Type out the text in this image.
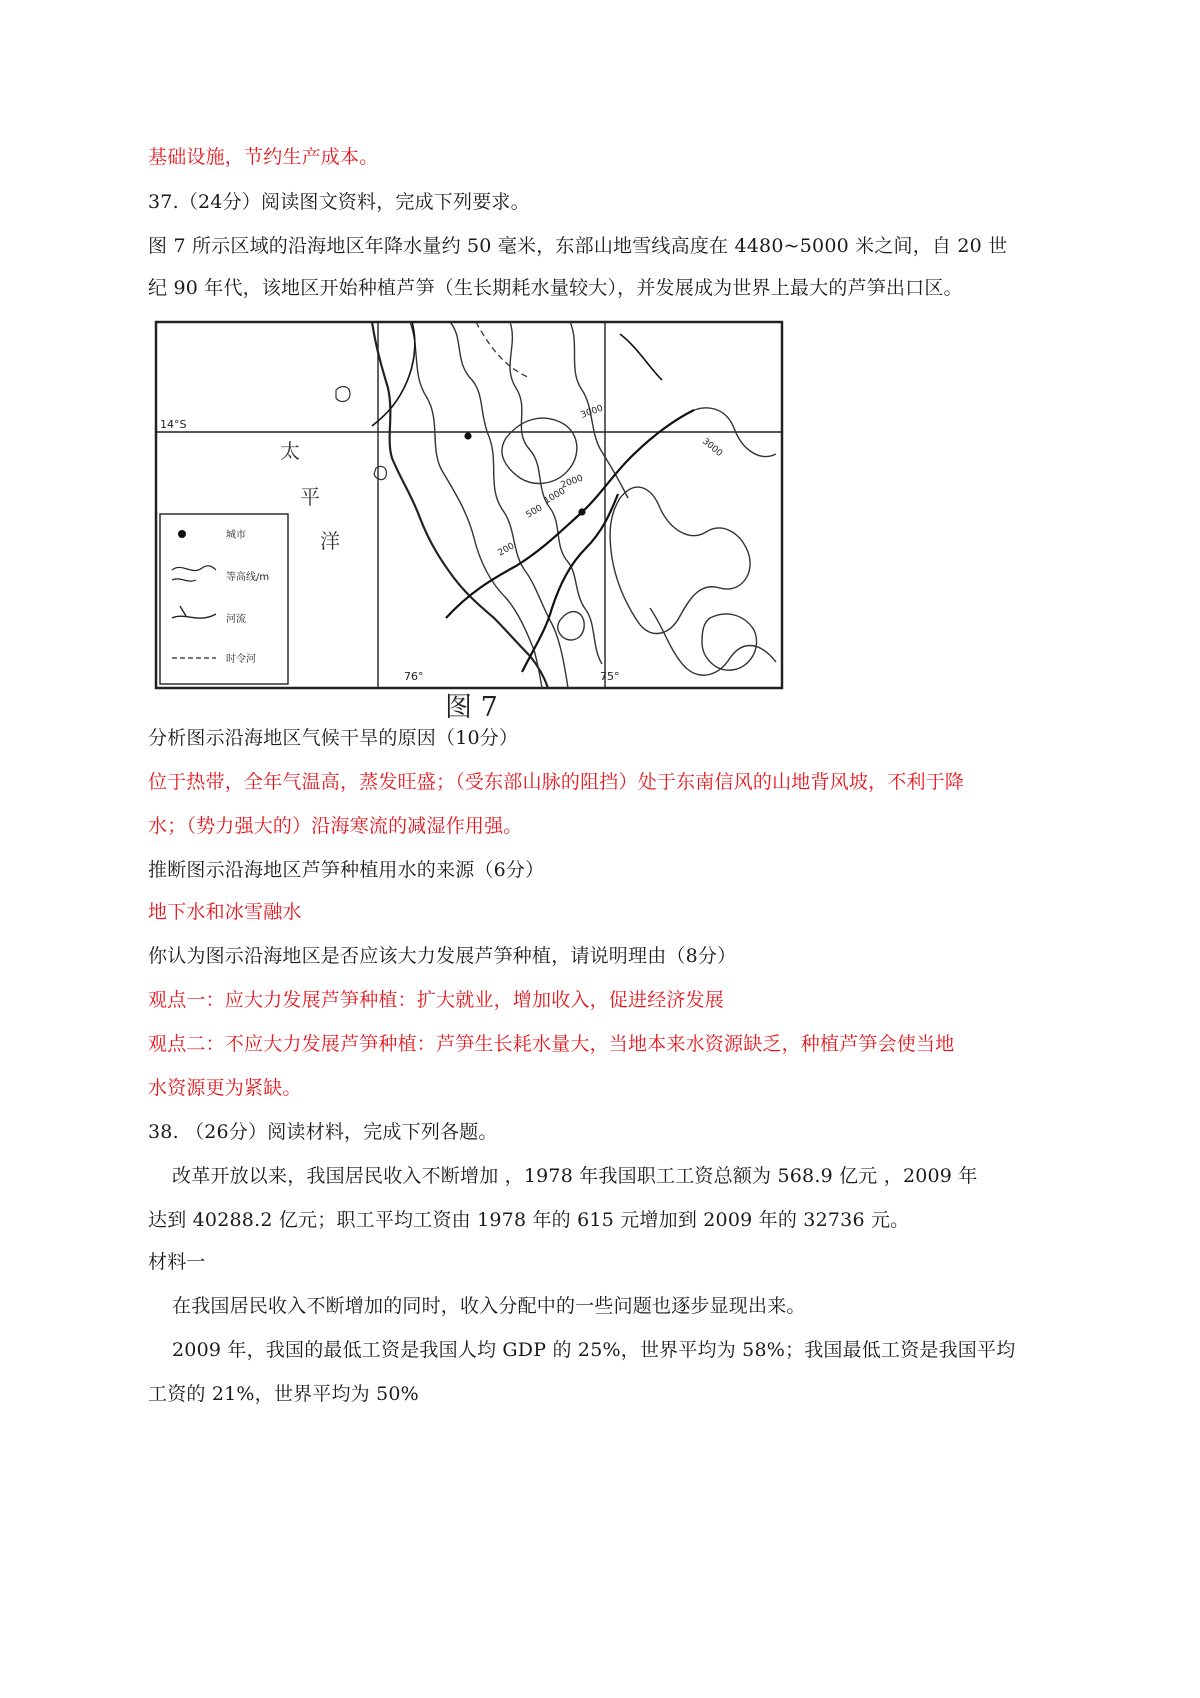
基础设施，节约生产成本。
37.（24分）阅读图文资料，完成下列要求。
图 7 所示区域的沿海地区年降水量约 50 毫米，东部山地雪线高度在 4480~5000 米之间，自 20 世
纪 90 年代，该地区开始种植芦笋（生长期耗水量较大），并发展成为世界上最大的芦笋出口区。
14°S
76°	75°
3000
2000
1000
500
200
3000
太
平
洋
城市
等高线/m
河流
时令河
图 7
分析图示沿海地区气候干旱的原因（10分）
位于热带，全年气温高，蒸发旺盛；（受东部山脉的阻挡）处于东南信风的山地背风坡，不利于降
水；（势力强大的）沿海寒流的减湿作用强。
推断图示沿海地区芦笋种植用水的来源（6分）
地下水和冰雪融水
你认为图示沿海地区是否应该大力发展芦笋种植，请说明理由（8分）
观点一：应大力发展芦笋种植：扩大就业，增加收入，促进经济发展
观点二：不应大力发展芦笋种植：芦笋生长耗水量大，当地本来水资源缺乏，种植芦笋会使当地
水资源更为紧缺。
38. （26分）阅读材料，完成下列各题。
改革开放以来，我国居民收入不断增加 ，1978 年我国职工工资总额为 568.9 亿元 ，2009 年
达到 40288.2 亿元；职工平均工资由 1978 年的 615 元增加到 2009 年的 32736 元。
材料一
在我国居民收入不断增加的同时，收入分配中的一些问题也逐步显现出来。
2009 年，我国的最低工资是我国人均 GDP 的 25%，世界平均为 58%；我国最低工资是我国平均
工资的 21%，世界平均为 50%
